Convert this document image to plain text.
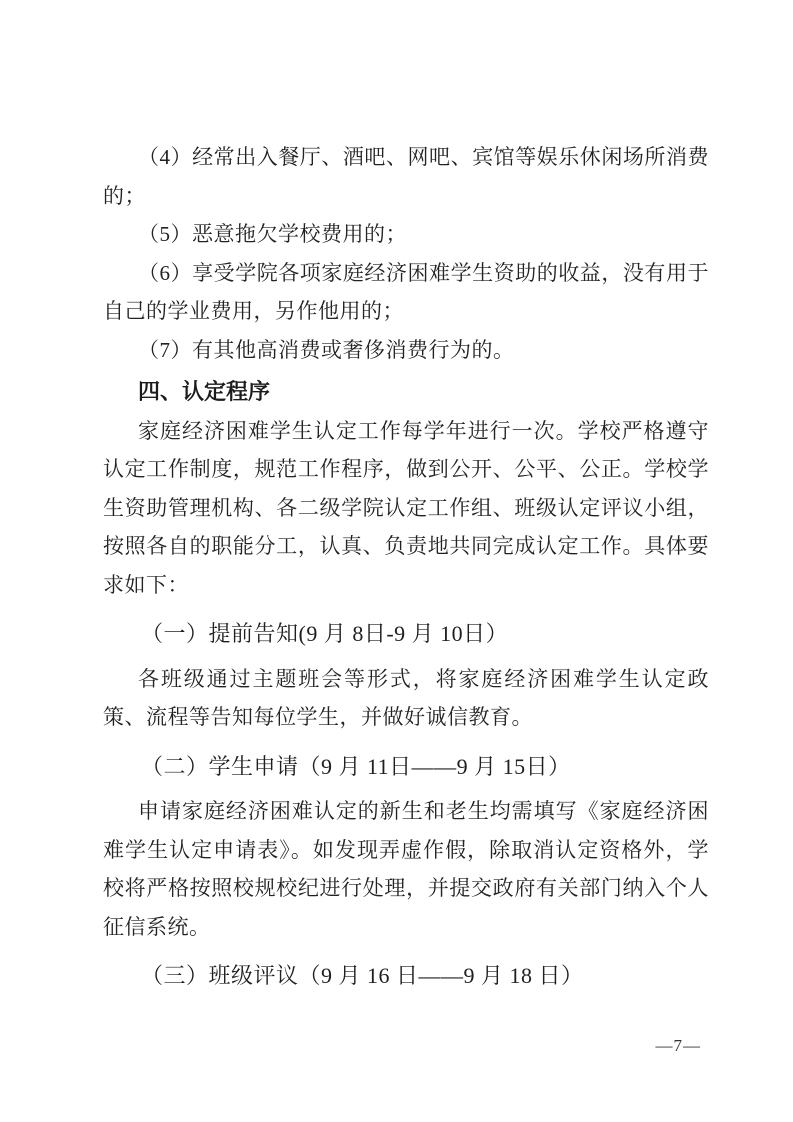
（4）经常出入餐厅、酒吧、网吧、宾馆等娱乐休闲场所消费的；

（5）恶意拖欠学校费用的；

（6）享受学院各项家庭经济困难学生资助的收益，没有用于自己的学业费用，另作他用的；

（7）有其他高消费或奢侈消费行为的。

四、认定程序

家庭经济困难学生认定工作每学年进行一次。学校严格遵守认定工作制度，规范工作程序，做到公开、公平、公正。学校学生资助管理机构、各二级学院认定工作组、班级认定评议小组，按照各自的职能分工，认真、负责地共同完成认定工作。具体要求如下：

（一）提前告知(9 月 8日-9 月 10日）

各班级通过主题班会等形式，将家庭经济困难学生认定政策、流程等告知每位学生，并做好诚信教育。

（二）学生申请（9 月 11日——9 月 15日）

申请家庭经济困难认定的新生和老生均需填写《家庭经济困难学生认定申请表》。如发现弄虚作假，除取消认定资格外，学校将严格按照校规校纪进行处理，并提交政府有关部门纳入个人征信系统。

（三）班级评议（9 月 16 日——9 月 18 日）
—7—
